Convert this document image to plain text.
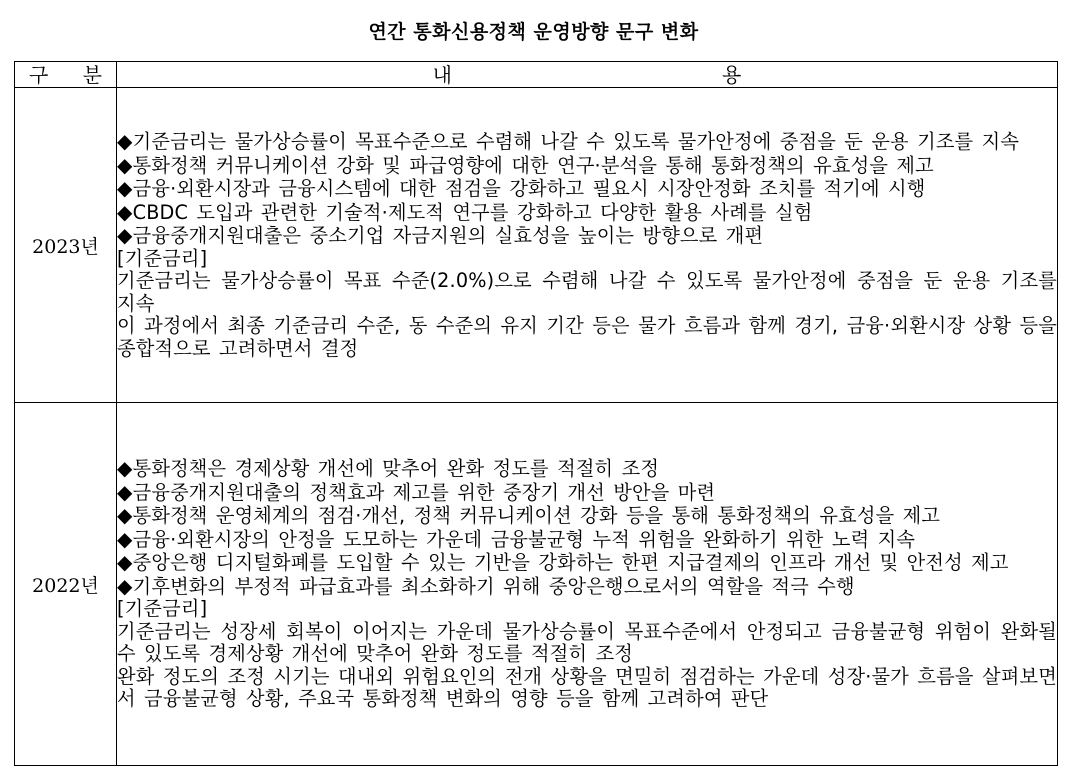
연간 통화신용정책 운영방향 문구 변화
구 분	내 용
2023년	
◆ 기준금리는 물가상승률이 목표수준으로 수렴해 나갈 수 있도록 물가안정에 중점을 둔 운용 기조를 지속
◆ 통화정책 커뮤니케이션 강화 및 파급영향에 대한 연구·분석을 통해 통화정책의 유효성을 제고
◆ 금융·외환시장과 금융시스템에 대한 점검을 강화하고 필요시 시장안정화 조치를 적기에 시행
◆ CBDC 도입과 관련한 기술적·제도적 연구를 강화하고 다양한 활용 사례를 실험
◆ 금융중개지원대출은 중소기업 자금지원의 실효성을 높이는 방향으로 개편
[기준금리]
기준금리는 물가상승률이 목표 수준(2.0%)으로 수렴해 나갈 수 있도록 물가안정에 중점을 둔 운용 기조를 지속
이 과정에서 최종 기준금리 수준, 동 수준의 유지 기간 등은 물가 흐름과 함께 경기, 금융·외환시장 상황 등을 종합적으로 고려하면서 결정

2022년	
◆ 통화정책은 경제상황 개선에 맞추어 완화 정도를 적절히 조정
◆ 금융중개지원대출의 정책효과 제고를 위한 중장기 개선 방안을 마련
◆ 통화정책 운영체계의 점검·개선, 정책 커뮤니케이션 강화 등을 통해 통화정책의 유효성을 제고
◆ 금융·외환시장의 안정을 도모하는 가운데 금융불균형 누적 위험을 완화하기 위한 노력 지속
◆ 중앙은행 디지털화폐를 도입할 수 있는 기반을 강화하는 한편 지급결제의 인프라 개선 및 안전성 제고
◆ 기후변화의 부정적 파급효과를 최소화하기 위해 중앙은행으로서의 역할을 적극 수행
[기준금리]
기준금리는 성장세 회복이 이어지는 가운데 물가상승률이 목표수준에서 안정되고 금융불균형 위험이 완화될 수 있도록 경제상황 개선에 맞추어 완화 정도를 적절히 조정
완화 정도의 조정 시기는 대내외 위험요인의 전개 상황을 면밀히 점검하는 가운데 성장·물가 흐름을 살펴보면서 금융불균형 상황, 주요국 통화정책 변화의 영향 등을 함께 고려하여 판단
